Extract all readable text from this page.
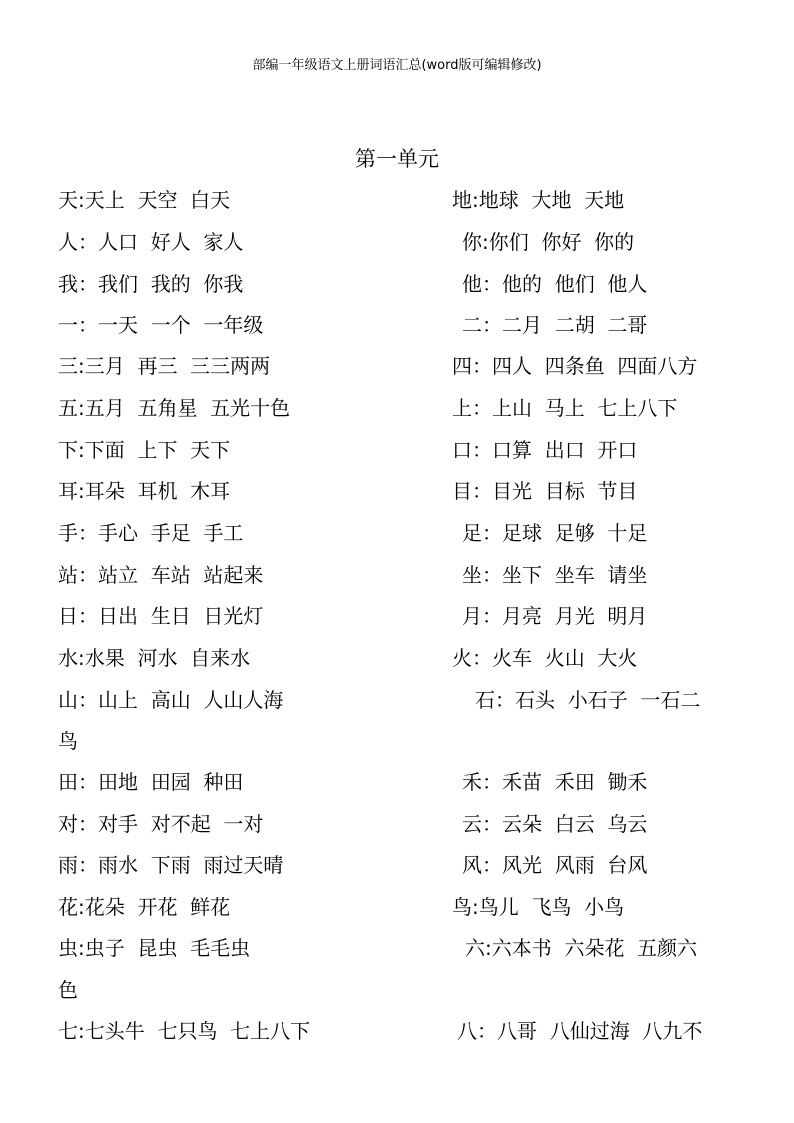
部编一年级语文上册词语汇总(word版可编辑修改)
第一单元
天:天上  天空  白天	地:地球  大地  天地
人：人口  好人  家人	你:你们  你好  你的
我：我们  我的  你我	他：他的  他们  他人
一：一天  一个  一年级	二：二月  二胡  二哥
三:三月  再三  三三两两	四：四人  四条鱼  四面八方
五:五月  五角星  五光十色	上：上山  马上  七上八下
下:下面  上下  天下	口：口算  出口  开口
耳:耳朵  耳机  木耳	目：目光  目标  节目
手：手心  手足  手工	足：足球  足够  十足
站：站立  车站  站起来	坐：坐下  坐车  请坐
日：日出  生日  日光灯	月：月亮  月光  明月
水:水果  河水  自来水	火：火车  火山  大火
山：山上  高山  人山人海	石：石头  小石子  一石二
鸟
田：田地  田园  种田	禾：禾苗  禾田  锄禾
对：对手  对不起  一对	云：云朵  白云  乌云
雨：雨水  下雨  雨过天晴	风：风光  风雨  台风
花:花朵  开花  鲜花	鸟:鸟儿  飞鸟  小鸟
虫:虫子  昆虫  毛毛虫	六:六本书  六朵花  五颜六
色
七:七头牛  七只鸟  七上八下	八：八哥  八仙过海  八九不
